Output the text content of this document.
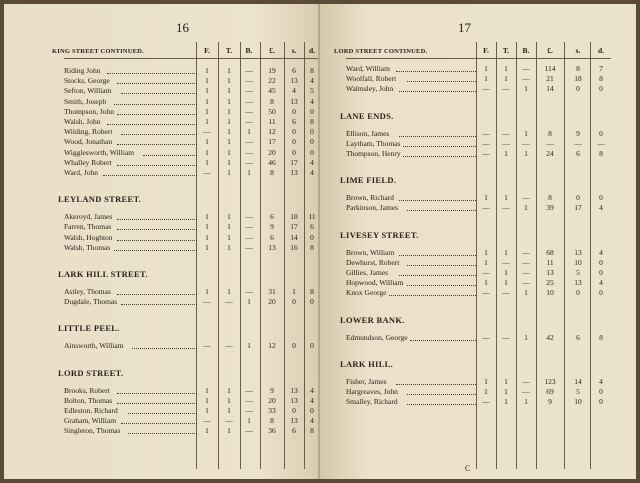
16
KING STREET CONTINUED.	F.	T.	B.	£.	s.	d.
Riding John	1	1	—	19	6	8
Stocks, George	1	1	—	22	13	4
Sefton, William	1	1	—	45	4	5
Smith, Joseph	1	1	—	8	13	4
Thompson, John	1	1	—	50	0	0
Walsh, John	1	1	—	11	6	8
Wilding, Robert	—	1	1	12	0	0
Wood, Jonathan	1	1	—	17	0	0
Wigglesworth, William	1	1	—	20	0	0
Whalley Robert	1	1	—	46	17	4
Ward, John	—	1	1	8	13	4
LEYLAND STREET.
Akeroyd, James	1	1	—	6	18	11
Farren, Thomas	1	1	—	9	17	6
Walsh, Hoghton	1	1	—	6	14	0
Walsh, Thomas	1	1	—	13	16	8
LARK HILL STREET.
Astley, Thomas	1	1	—	31	1	8
Dugdale, Thomas	—	—	1	20	0	0
LITTLE PEEL.
Ainsworth, William	—	—	1	12	0	0
LORD STREET.
Brooks, Robert	1	1	—	9	13	4
Bolton, Thomas	1	1	—	20	13	4
Edleston, Richard	1	1	—	33	0	0
Graham, William	—	—	1	8	13	4
Singleton, Thomas	1	1	—	36	6	8
17
LORD STREET CONTINUED.
C
F.	T.	B.	£.	s.	d.
Ward, William	1	1	—	114	8	7
Woolfall, Robert	1	1	—	21	18	8
Walmsley, John	—	—	1	14	0	0
LANE ENDS.
Ellison, James	—	—	1	8	9	0
Laytham, Thomas	—	—	—	—	—	—
Thompson, Henry	—	1	1	24	6	8
LIME FIELD.
Brown, Richard	1	1	—	8	0	0
Parkinson, James	—	—	1	39	17	4
LIVESEY STREET.
Brown, William	1	1	—	68	13	4
Dewhurst, Robert	1	—	—	11	10	0
Gillies, James	—	1	—	13	5	0
Hopwood, William	1	1	—	25	13	4
Knox George	—	—	1	10	0	0
LOWER BANK.
Edmundson, George	—	—	1	42	6	8
LARK HILL.
Fisher, James	1	1	—	123	14	4
Hargreaves, John	1	1	—	69	5	0
Smalley, Richard	—	1	1	9	10	0
